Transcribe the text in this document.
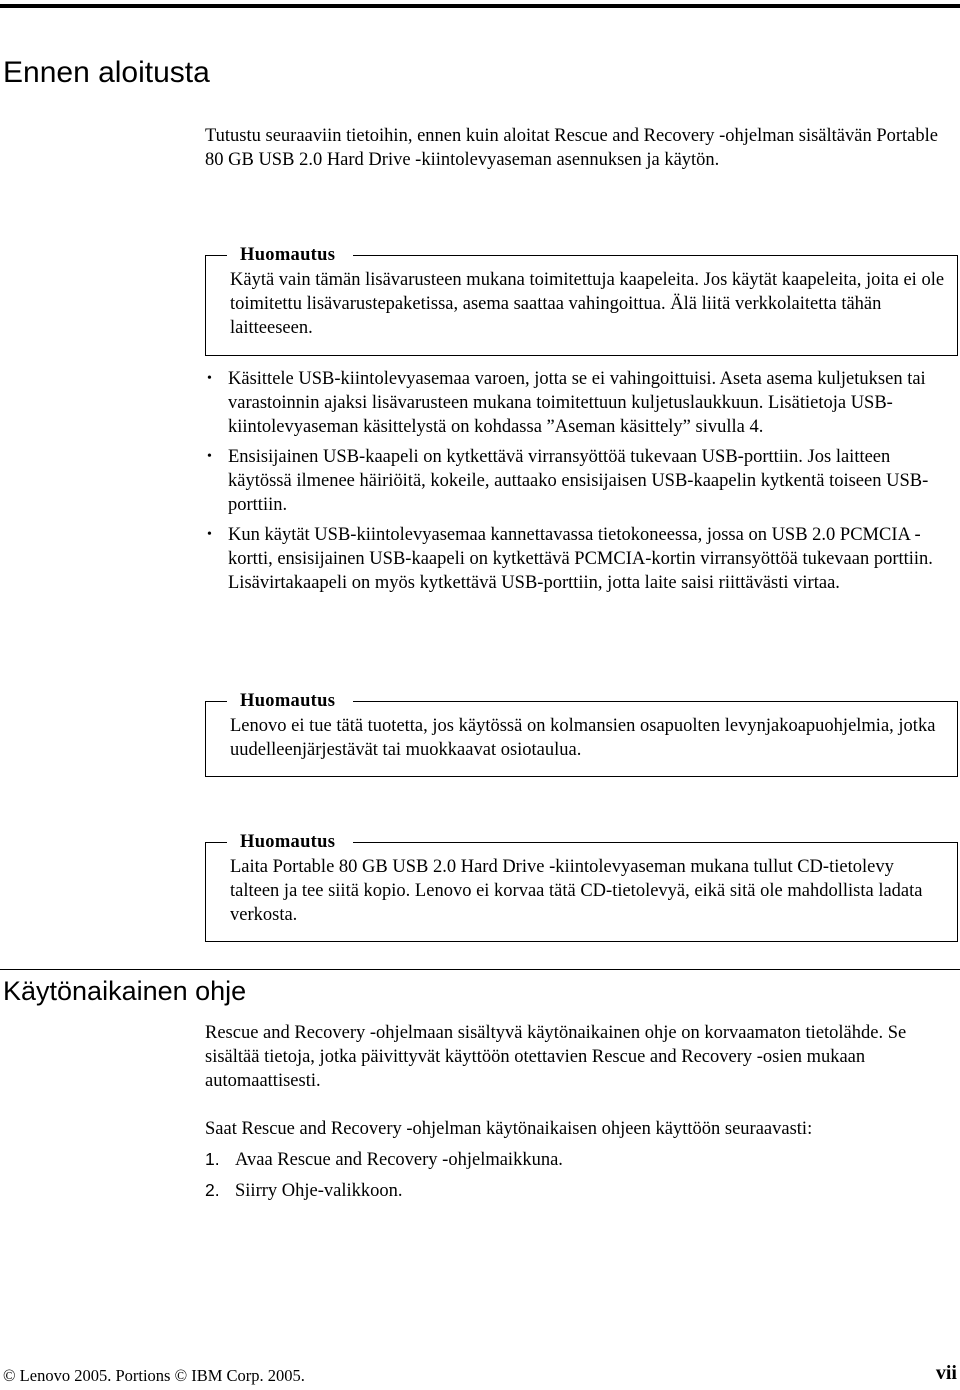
Ennen aloitusta

Tutustu seuraaviin tietoihin, ennen kuin aloitat Rescue and Recovery -ohjelman sisältävän Portable 80 GB USB 2.0 Hard Drive -kiintolevyaseman asennuksen ja käytön.

Huomautus

Käytä vain tämän lisävarusteen mukana toimitettuja kaapeleita. Jos käytät kaapeleita, joita ei ole toimitettu lisävarustepaketissa, asema saattaa vahingoittua. Älä liitä verkkolaitetta tähän laitteeseen.

• Käsittele USB-kiintolevyasemaa varoen, jotta se ei vahingoittuisi. Aseta asema kuljetuksen tai varastoinnin ajaksi lisävarusteen mukana toimitettuun kuljetuslaukkuun. Lisätietoja USB-kiintolevyaseman käsittelystä on kohdassa ”Aseman käsittely” sivulla 4.
• Ensisijainen USB-kaapeli on kytkettävä virransyöttöä tukevaan USB-porttiin. Jos laitteen käytössä ilmenee häiriöitä, kokeile, auttaako ensisijaisen USB-kaapelin kytkentä toiseen USB-porttiin.
• Kun käytät USB-kiintolevyasemaa kannettavassa tietokoneessa, jossa on USB 2.0 PCMCIA -kortti, ensisijainen USB-kaapeli on kytkettävä PCMCIA-kortin virransyöttöä tukevaan porttiin. Lisävirtakaapeli on myös kytkettävä USB-porttiin, jotta laite saisi riittävästi virtaa.
Huomautus

Lenovo ei tue tätä tuotetta, jos käytössä on kolmansien osapuolten levynjakoapuohjelmia, jotka uudelleenjärjestävät tai muokkaavat osiotaulua.

Huomautus

Laita Portable 80 GB USB 2.0 Hard Drive -kiintolevyaseman mukana tullut CD-tietolevy talteen ja tee siitä kopio. Lenovo ei korvaa tätä CD-tietolevyä, eikä sitä ole mahdollista ladata verkosta.

Käytönaikainen ohje

Rescue and Recovery -ohjelmaan sisältyvä käytönaikainen ohje on korvaamaton tietolähde. Se sisältää tietoja, jotka päivittyvät käyttöön otettavien Rescue and Recovery -osien mukaan automaattisesti.

Saat Rescue and Recovery -ohjelman käytönaikaisen ohjeen käyttöön seuraavasti:

1. Avaa Rescue and Recovery -ohjelmaikkuna.
2. Siirry Ohje-valikkoon.
© Lenovo 2005. Portions © IBM Corp. 2005.	vii
